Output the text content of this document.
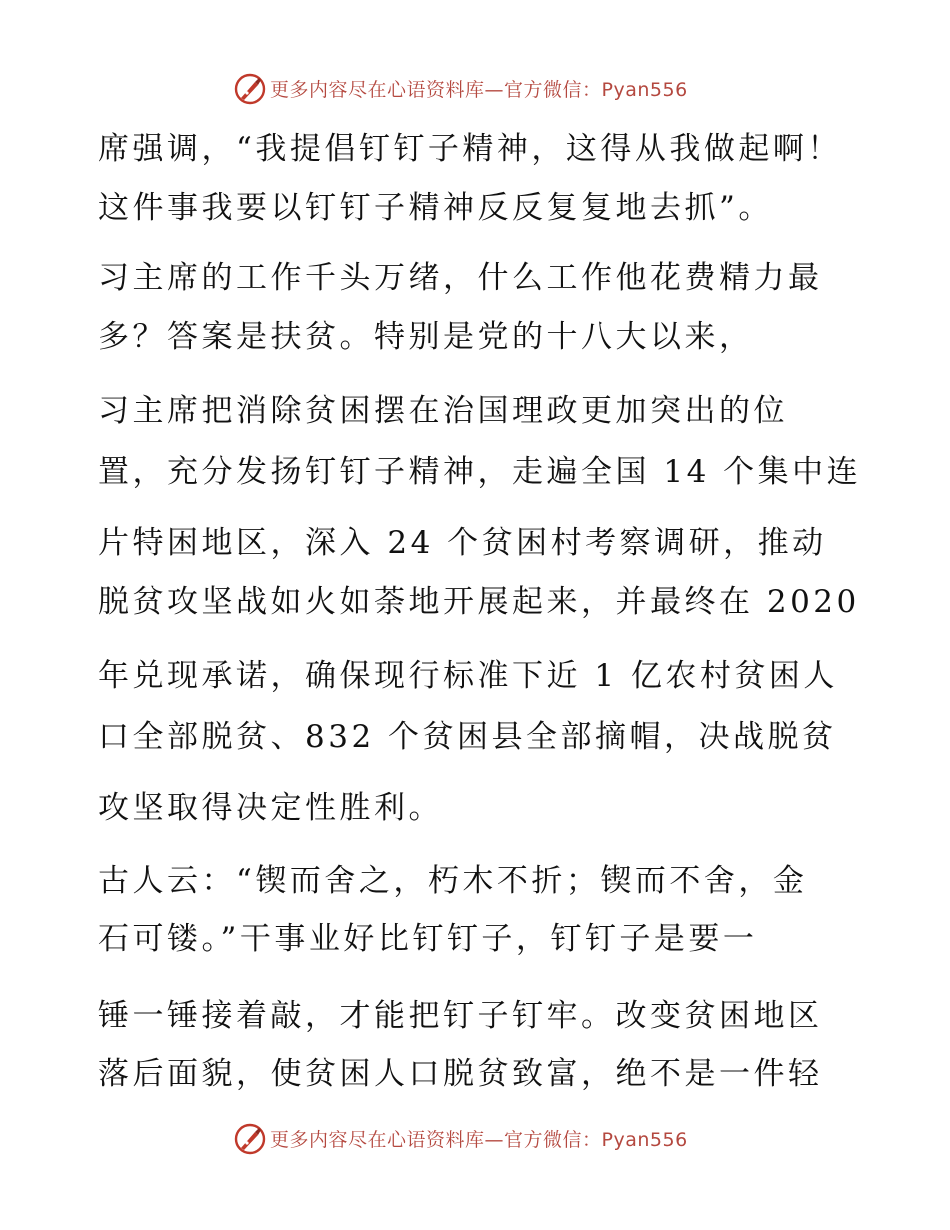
更多内容尽在心语资料库—官方微信：Pyan556
席强调，“我提倡钉钉子精神，这得从我做起啊！
这件事我要以钉钉子精神反反复复地去抓”。
习主席的工作千头万绪，什么工作他花费精力最
多？答案是扶贫。特别是党的十八大以来，
习主席把消除贫困摆在治国理政更加突出的位
置，充分发扬钉钉子精神，走遍全国 14 个集中连
片特困地区，深入 24 个贫困村考察调研，推动
脱贫攻坚战如火如荼地开展起来，并最终在 2020
年兑现承诺，确保现行标准下近 1 亿农村贫困人
口全部脱贫、832 个贫困县全部摘帽，决战脱贫
攻坚取得决定性胜利。
古人云：“锲而舍之，朽木不折；锲而不舍，金
石可镂。”干事业好比钉钉子，钉钉子是要一
锤一锤接着敲，才能把钉子钉牢。改变贫困地区
落后面貌，使贫困人口脱贫致富，绝不是一件轻
更多内容尽在心语资料库—官方微信：Pyan556
